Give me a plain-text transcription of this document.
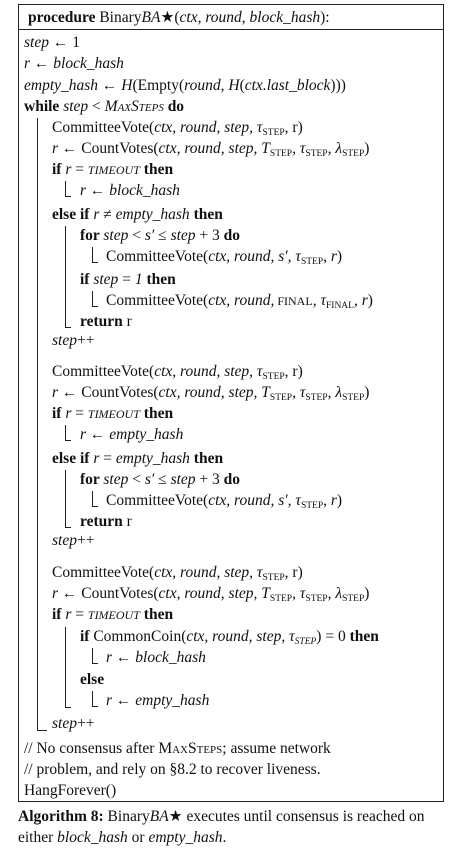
procedure BinaryBA★(ctx, round, block_hash):
step ← 1
r ← block_hash
empty_hash ← H(Empty(round, H(ctx.last_block)))
while step < MaxSteps do
CommitteeVote(ctx, round, step, τSTEP, r)
r ← CountVotes(ctx, round, step, TSTEP, τSTEP, λSTEP)
if r = TIMEOUT then
r ← block_hash
else if r ≠ empty_hash then
for step < s′ ≤ step + 3 do
CommitteeVote(ctx, round, s′, τSTEP, r)
if step = 1 then
CommitteeVote(ctx, round, FINAL, τFINAL, r)
return r
step++
CommitteeVote(ctx, round, step, τSTEP, r)
r ← CountVotes(ctx, round, step, TSTEP, τSTEP, λSTEP)
if r = TIMEOUT then
r ← empty_hash
else if r = empty_hash then
for step < s′ ≤ step + 3 do
CommitteeVote(ctx, round, s′, τSTEP, r)
return r
step++
CommitteeVote(ctx, round, step, τSTEP, r)
r ← CountVotes(ctx, round, step, TSTEP, τSTEP, λSTEP)
if r = TIMEOUT then
if CommonCoin(ctx, round, step, τSTEP) = 0 then
r ← block_hash
else
r ← empty_hash
step++
// No consensus after MaxSteps; assume network
// problem, and rely on §8.2 to recover liveness.
HangForever()
Algorithm 8: BinaryBA★ executes until consensus is reached on either block_hash or empty_hash.
